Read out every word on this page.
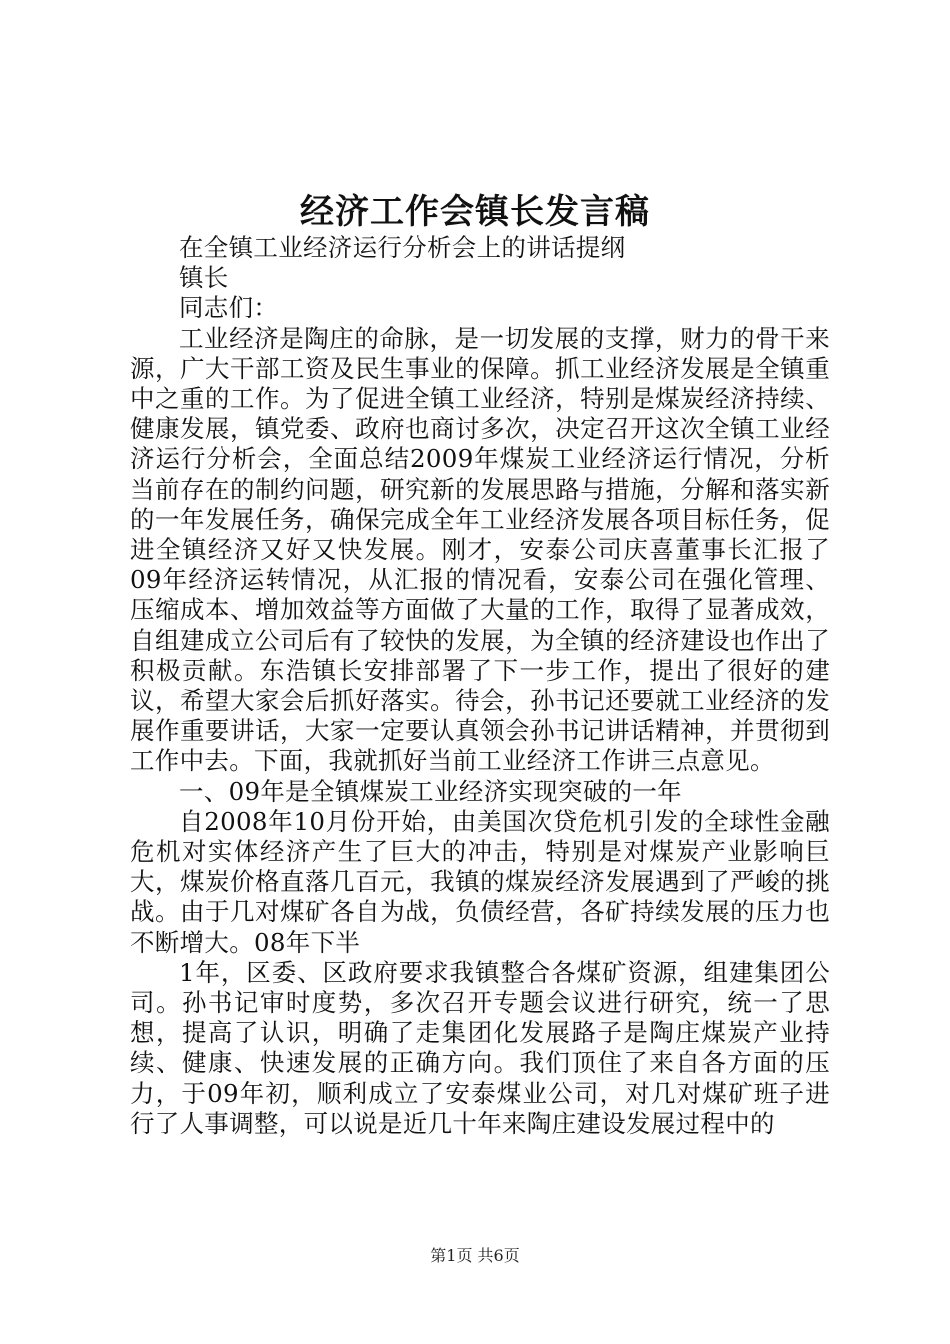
经济工作会镇长发言稿

在全镇工业经济运行分析会上的讲话提纲

镇长

同志们：

工业经济是陶庄的命脉，是一切发展的支撑，财力的骨干来源，广大干部工资及民生事业的保障。抓工业经济发展是全镇重中之重的工作。为了促进全镇工业经济，特别是煤炭经济持续、健康发展，镇党委、政府也商讨多次，决定召开这次全镇工业经济运行分析会，全面总结2009年煤炭工业经济运行情况，分析当前存在的制约问题，研究新的发展思路与措施，分解和落实新的一年发展任务，确保完成全年工业经济发展各项目标任务，促进全镇经济又好又快发展。刚才，安泰公司庆喜董事长汇报了09年经济运转情况，从汇报的情况看，安泰公司在强化管理、压缩成本、增加效益等方面做了大量的工作，取得了显著成效，自组建成立公司后有了较快的发展，为全镇的经济建设也作出了积极贡献。东浩镇长安排部署了下一步工作，提出了很好的建议，希望大家会后抓好落实。待会，孙书记还要就工业经济的发展作重要讲话，大家一定要认真领会孙书记讲话精神，并贯彻到工作中去。下面，我就抓好当前工业经济工作讲三点意见。

一、09年是全镇煤炭工业经济实现突破的一年

自2008年10月份开始，由美国次贷危机引发的全球性金融危机对实体经济产生了巨大的冲击，特别是对煤炭产业影响巨大，煤炭价格直落几百元，我镇的煤炭经济发展遇到了严峻的挑战。由于几对煤矿各自为战，负债经营，各矿持续发展的压力也不断增大。08年下半

1年，区委、区政府要求我镇整合各煤矿资源，组建集团公司。孙书记审时度势，多次召开专题会议进行研究，统一了思想，提高了认识，明确了走集团化发展路子是陶庄煤炭产业持续、健康、快速发展的正确方向。我们顶住了来自各方面的压力，于09年初，顺利成立了安泰煤业公司，对几对煤矿班子进行了人事调整，可以说是近几十年来陶庄建设发展过程中的

第1页 共6页
